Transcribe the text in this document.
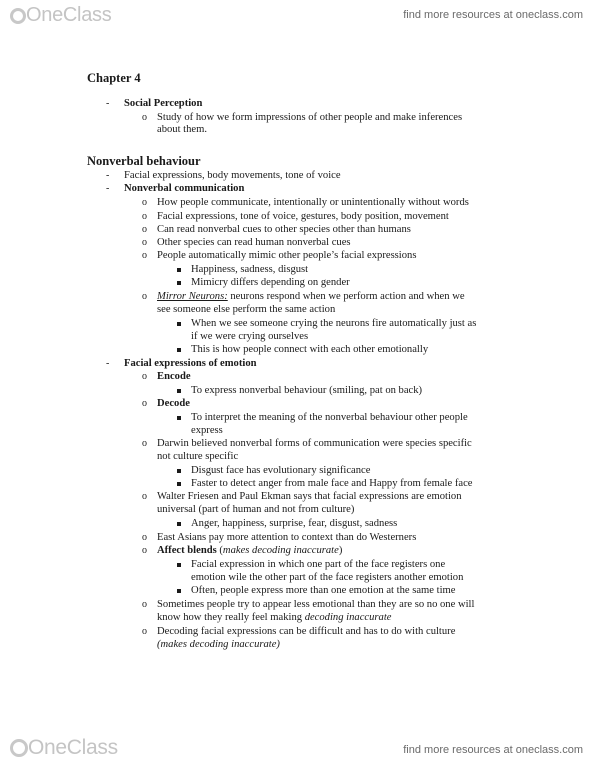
OneClass	find more resources at oneclass.com
Chapter 4
- Social Perception
o Study of how we form impressions of other people and make inferences
about them.
Nonverbal behaviour
- Facial expressions, body movements, tone of voice
- Nonverbal communication
o How people communicate, intentionally or unintentionally without words
o Facial expressions, tone of voice, gestures, body position, movement
o Can read nonverbal cues to other species other than humans
o Other species can read human nonverbal cues
o People automatically mimic other people’s facial expressions
Happiness, sadness, disgust
Mimicry differs depending on gender
o Mirror Neurons: neurons respond when we perform action and when we
see someone else perform the same action
When we see someone crying the neurons fire automatically just as
if we were crying ourselves
This is how people connect with each other emotionally
- Facial expressions of emotion
o Encode
To express nonverbal behaviour (smiling, pat on back)
o Decode
To interpret the meaning of the nonverbal behaviour other people
express
o Darwin believed nonverbal forms of communication were species specific
not culture specific
Disgust face has evolutionary significance
Faster to detect anger from male face and Happy from female face
o Walter Friesen and Paul Ekman says that facial expressions are emotion
universal (part of human and not from culture)
Anger, happiness, surprise, fear, disgust, sadness
o East Asians pay more attention to context than do Westerners
o Affect blends (makes decoding inaccurate)
Facial expression in which one part of the face registers one
emotion wile the other part of the face registers another emotion
Often, people express more than one emotion at the same time
o Sometimes people try to appear less emotional than they are so no one will
know how they really feel making decoding inaccurate
o Decoding facial expressions can be difficult and has to do with culture
(makes decoding inaccurate)
OneClass	find more resources at oneclass.com
